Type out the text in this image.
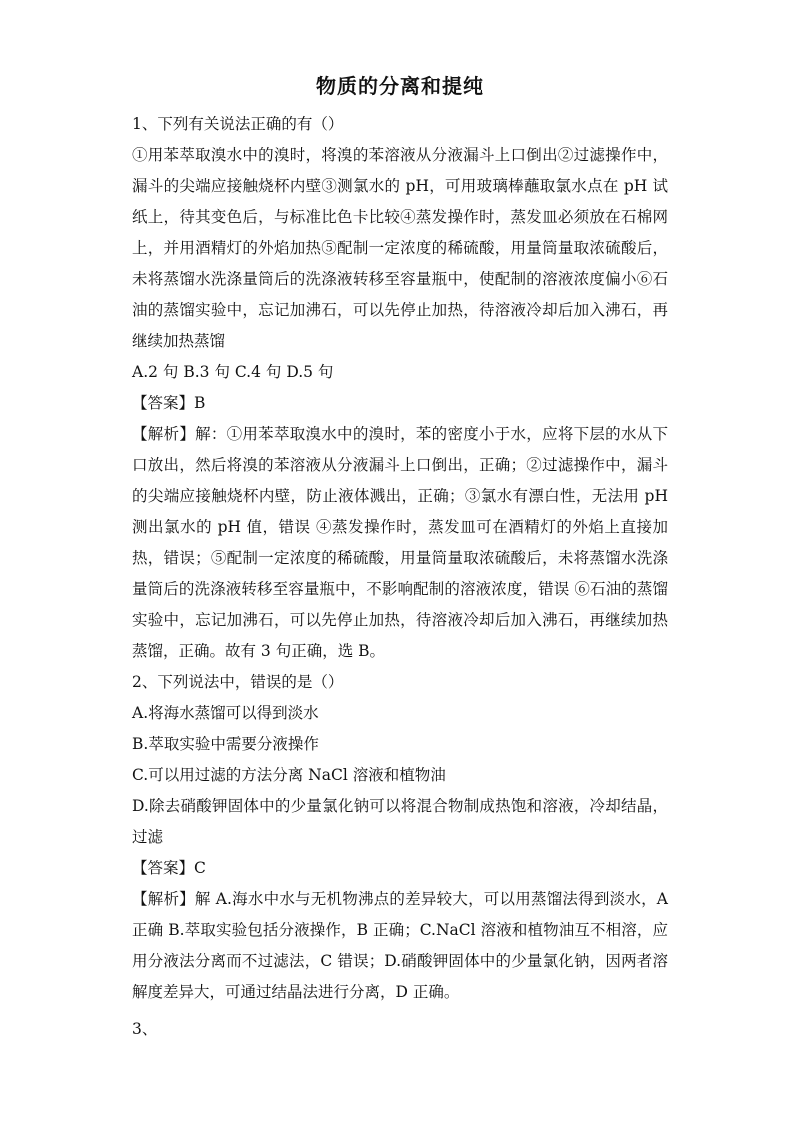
物质的分离和提纯

1、下列有关说法正确的有（）

①用苯萃取溴水中的溴时，将溴的苯溶液从分液漏斗上口倒出②过滤操作中，漏斗的尖端应接触烧杯内壁③测氯水的 pH，可用玻璃棒蘸取氯水点在 pH 试纸上，待其变色后，与标准比色卡比较④蒸发操作时，蒸发皿必须放在石棉网上，并用酒精灯的外焰加热⑤配制一定浓度的稀硫酸，用量筒量取浓硫酸后，未将蒸馏水洗涤量筒后的洗涤液转移至容量瓶中，使配制的溶液浓度偏小⑥石油的蒸馏实验中，忘记加沸石，可以先停止加热，待溶液冷却后加入沸石，再继续加热蒸馏

A.2 句 B.3 句 C.4 句 D.5 句

【答案】B

【解析】解：①用苯萃取溴水中的溴时，苯的密度小于水，应将下层的水从下口放出，然后将溴的苯溶液从分液漏斗上口倒出，正确；②过滤操作中，漏斗的尖端应接触烧杯内壁，防止液体溅出，正确；③氯水有漂白性，无法用 pH 测出氯水的 pH 值，错误 ④蒸发操作时，蒸发皿可在酒精灯的外焰上直接加热，错误；⑤配制一定浓度的稀硫酸，用量筒量取浓硫酸后，未将蒸馏水洗涤量筒后的洗涤液转移至容量瓶中，不影响配制的溶液浓度，错误 ⑥石油的蒸馏实验中，忘记加沸石，可以先停止加热，待溶液冷却后加入沸石，再继续加热蒸馏，正确。故有 3 句正确，选 B。

2、下列说法中，错误的是（）

A.将海水蒸馏可以得到淡水

B.萃取实验中需要分液操作

C.可以用过滤的方法分离 NaCl 溶液和植物油

D.除去硝酸钾固体中的少量氯化钠可以将混合物制成热饱和溶液，冷却结晶，过滤

【答案】C

【解析】解 A.海水中水与无机物沸点的差异较大，可以用蒸馏法得到淡水，A 正确 B.萃取实验包括分液操作，B 正确；C.NaCl 溶液和植物油互不相溶，应用分液法分离而不过滤法，C 错误；D.硝酸钾固体中的少量氯化钠，因两者溶解度差异大，可通过结晶法进行分离，D 正确。

3、
